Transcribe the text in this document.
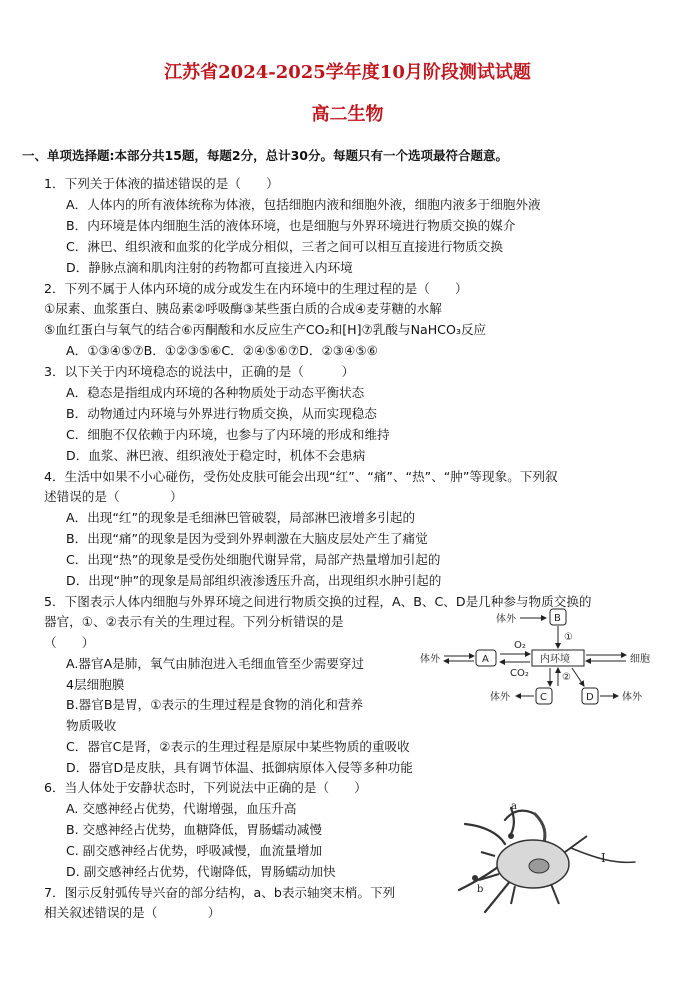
江苏省2024-2025学年度10月阶段测试试题
高二生物
一、单项选择题:本部分共15题，每题2分，总计30分。每题只有一个选项最符合题意。
1．下列关于体液的描述错误的是（　　）
A．人体内的所有液体统称为体液，包括细胞内液和细胞外液，细胞内液多于细胞外液
B．内环境是体内细胞生活的液体环境，也是细胞与外界环境进行物质交换的媒介
C．淋巴、组织液和血浆的化学成分相似，三者之间可以相互直接进行物质交换
D．静脉点滴和肌肉注射的药物都可直接进入内环境
2．下列不属于人体内环境的成分或发生在内环境中的生理过程的是（　　）
①尿素、血浆蛋白、胰岛素②呼吸酶③某些蛋白质的合成④麦芽糖的水解
⑤血红蛋白与氧气的结合⑥丙酮酸和水反应生产CO₂和[H]⑦乳酸与NaHCO₃反应
A．①③④⑤⑦B．①②③⑤⑥C．②④⑤⑥⑦D．②③④⑤⑥
3．以下关于内环境稳态的说法中，正确的是（　　　）
A．稳态是指组成内环境的各种物质处于动态平衡状态
B．动物通过内环境与外界进行物质交换，从而实现稳态
C．细胞不仅依赖于内环境，也参与了内环境的形成和维持
D．血浆、淋巴液、组织液处于稳定时，机体不会患病
4．生活中如果不小心碰伤，受伤处皮肤可能会出现“红”、“痛”、“热”、“肿”等现象。下列叙
述错误的是（　　　　）
A．出现“红”的现象是毛细淋巴管破裂，局部淋巴液增多引起的
B．出现“痛”的现象是因为受到外界刺激在大脑皮层处产生了痛觉
C．出现“热”的现象是受伤处细胞代谢异常，局部产热量增加引起的
D．出现“肿”的现象是局部组织液渗透压升高，出现组织水肿引起的
5．下图表示人体内细胞与外界环境之间进行物质交换的过程，A、B、C、D是几种参与物质交换的
器官，①、②表示有关的生理过程。下列分析错误的是
（　　）
A.器官A是肺，氧气由肺泡进入毛细血管至少需要穿过
4层细胞膜
B.器官B是胃，①表示的生理过程是食物的消化和营养
物质吸收
C．器官C是肾，②表示的生理过程是原尿中某些物质的重吸收
D．器官D是皮肤，具有调节体温、抵御病原体入侵等多种功能
6．当人体处于安静状态时，下列说法中正确的是（　　）
A. 交感神经占优势，代谢增强，血压升高
B. 交感神经占优势，血糖降低，胃肠蠕动减慢
C. 副交感神经占优势，呼吸减慢，血流量增加
D. 副交感神经占优势，代谢降低，胃肠蠕动加快
7．图示反射弧传导兴奋的部分结构，a、b表示轴突末梢。下列
相关叙述错误的是（　　　　）
体外	B
①
体外	A
O₂
CO₂
内环境	细胞
②
C
体外	D	体外
a
b
I
